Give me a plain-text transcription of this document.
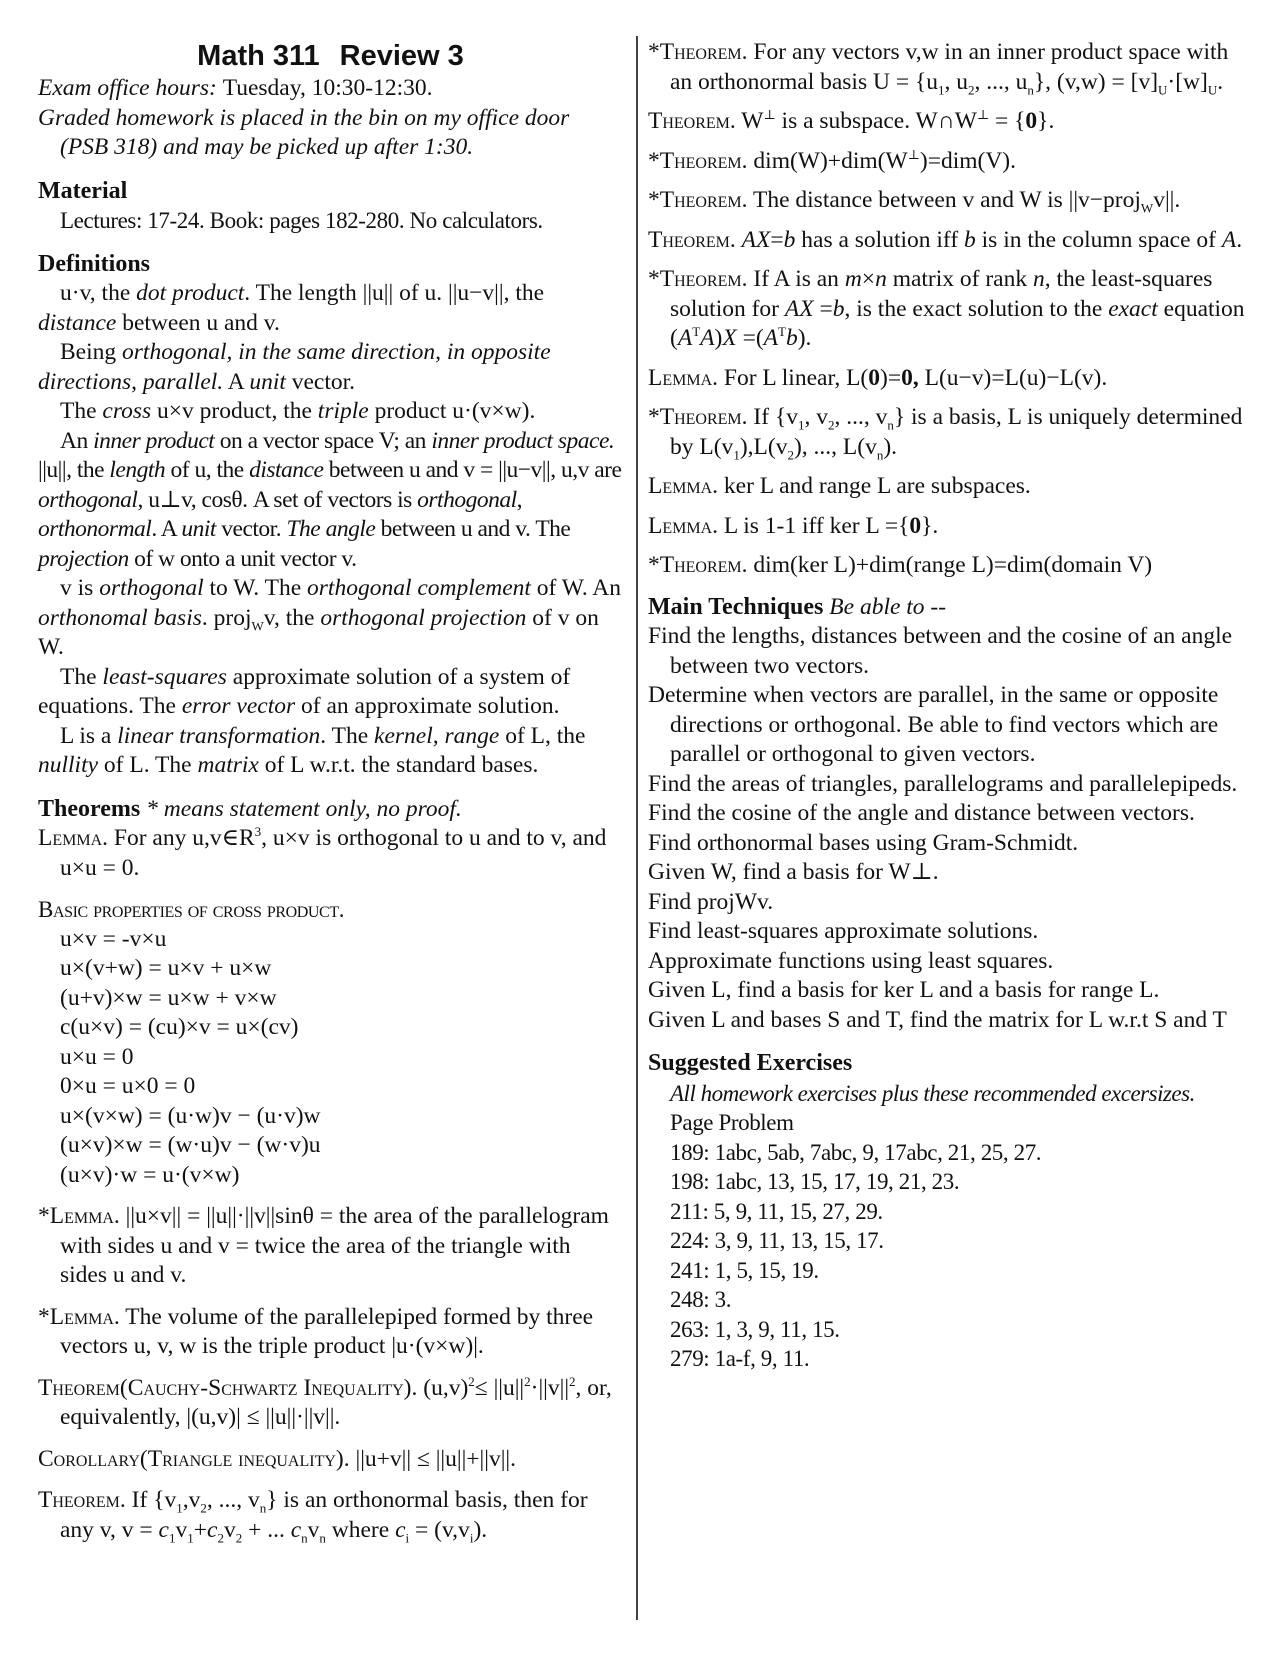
Math 311 Review 3

Exam office hours: Tuesday, 10:30-12:30.

Graded homework is placed in the bin on my office door (PSB 318) and may be picked up after 1:30.

Material

Lectures: 17-24. Book: pages 182-280. No calculators.

Definitions

u·v, the dot product. The length ||u|| of u. ||u−v||, the distance between u and v.

Being orthogonal, in the same direction, in opposite directions, parallel. A unit vector.

The cross u×v product, the triple product u·(v×w).

An inner product on a vector space V; an inner product space. ||u||, the length of u, the distance between u and v = ||u−v||, u,v are orthogonal, u⊥v, cosθ. A set of vectors is orthogonal, orthonormal. A unit vector. The angle between u and v. The projection of w onto a unit vector v.

v is orthogonal to W. The orthogonal complement of W. An orthonomal basis. proj$_W$v, the orthogonal projection of v on W.

The least-squares approximate solution of a system of equations. The error vector of an approximate solution.

L is a linear transformation. The kernel, range of L, the nullity of L. The matrix of L w.r.t. the standard bases.

Theorems * means statement only, no proof.

Lemma. For any $u,v\in R^3$, u×v is orthogonal to u and to v, and u×u = 0.

Basic properties of cross product.

u×v = -v×u

u×(v+w) = u×v + u×w

(u+v)×w = u×w + v×w

c(u×v) = (cu)×v = u×(cv)

u×u = 0

0×u = u×0 = 0

u×(v×w) = (u·w)v − (u·v)w

(u×v)×w = (w·u)v − (w·v)u

(u×v)·w = u·(v×w)

*Lemma. ||u×v|| = ||u||·||v||sinθ = the area of the parallelogram with sides u and v = twice the area of the triangle with sides u and v.

*Lemma. The volume of the parallelepiped formed by three vectors u, v, w is the triple product |u·(v×w)|.

Theorem(Cauchy-Schwartz Inequality). $(u,v)^2\le ||u||^2\cdot||v||^2$, or, equivalently, |(u,v)| ≤ ||u||·||v||.

Corollary(Triangle inequality). ||u+v|| ≤ ||u||+||v||.

Theorem. If {$v_1,v_2$, ..., $v_n$} is an orthonormal basis, then for any v, $v = c_1v_1+c_2v_2$ + ... $c_nv_n$ where $c_i = (v,v_i)$.

*Theorem. For any vectors v,w in an inner product space with an orthonormal basis $U = \{u_1$, $u_2$, ..., $u_n$}, $(v,w) = [v]_U\cdot[w]_U$.

Theorem. W⊥ is a subspace. W∩W⊥ = {0}.

*Theorem. dim(W)+dim(W⊥)=dim(V).

*Theorem. The distance between v and W is ||v−proj$_W$v||.

Theorem. AX=b has a solution iff b is in the column space of A.

*Theorem. If A is an m×n matrix of rank n, the least-squares solution for AX =b, is the exact solution to the exact equation $(A^TA)X =(A^Tb)$.

Lemma. For L linear, L(0)=0, L(u−v)=L(u)−L(v).

*Theorem. If {$v_1$, $v_2$, ..., $v_n$} is a basis, L is uniquely determined by $L(v_1),L(v_2)$, ..., $L(v_n)$.

Lemma. ker L and range L are subspaces.

Lemma. L is 1-1 iff ker L ={0}.

*Theorem. dim(ker L)+dim(range L)=dim(domain V)

Main Techniques Be able to --

Find the lengths, distances between and the cosine of an angle between two vectors.

Determine when vectors are parallel, in the same or opposite directions or orthogonal. Be able to find vectors which are parallel or orthogonal to given vectors.

Find the areas of triangles, parallelograms and parallelepipeds.

Find the cosine of the angle and distance between vectors.

Find orthonormal bases using Gram-Schmidt.

Given W, find a basis for W⊥.

Find projWv.

Find least-squares approximate solutions.

Approximate functions using least squares.

Given L, find a basis for ker L and a basis for range L.

Given L and bases S and T, find the matrix for L w.r.t S and T

Suggested Exercises

All homework exercises plus these recommended excersizes.

Page Problem

189: 1abc, 5ab, 7abc, 9, 17abc, 21, 25, 27.

198: 1abc, 13, 15, 17, 19, 21, 23.

211: 5, 9, 11, 15, 27, 29.

224: 3, 9, 11, 13, 15, 17.

241: 1, 5, 15, 19.

248: 3.

263: 1, 3, 9, 11, 15.

279: 1a-f, 9, 11.
